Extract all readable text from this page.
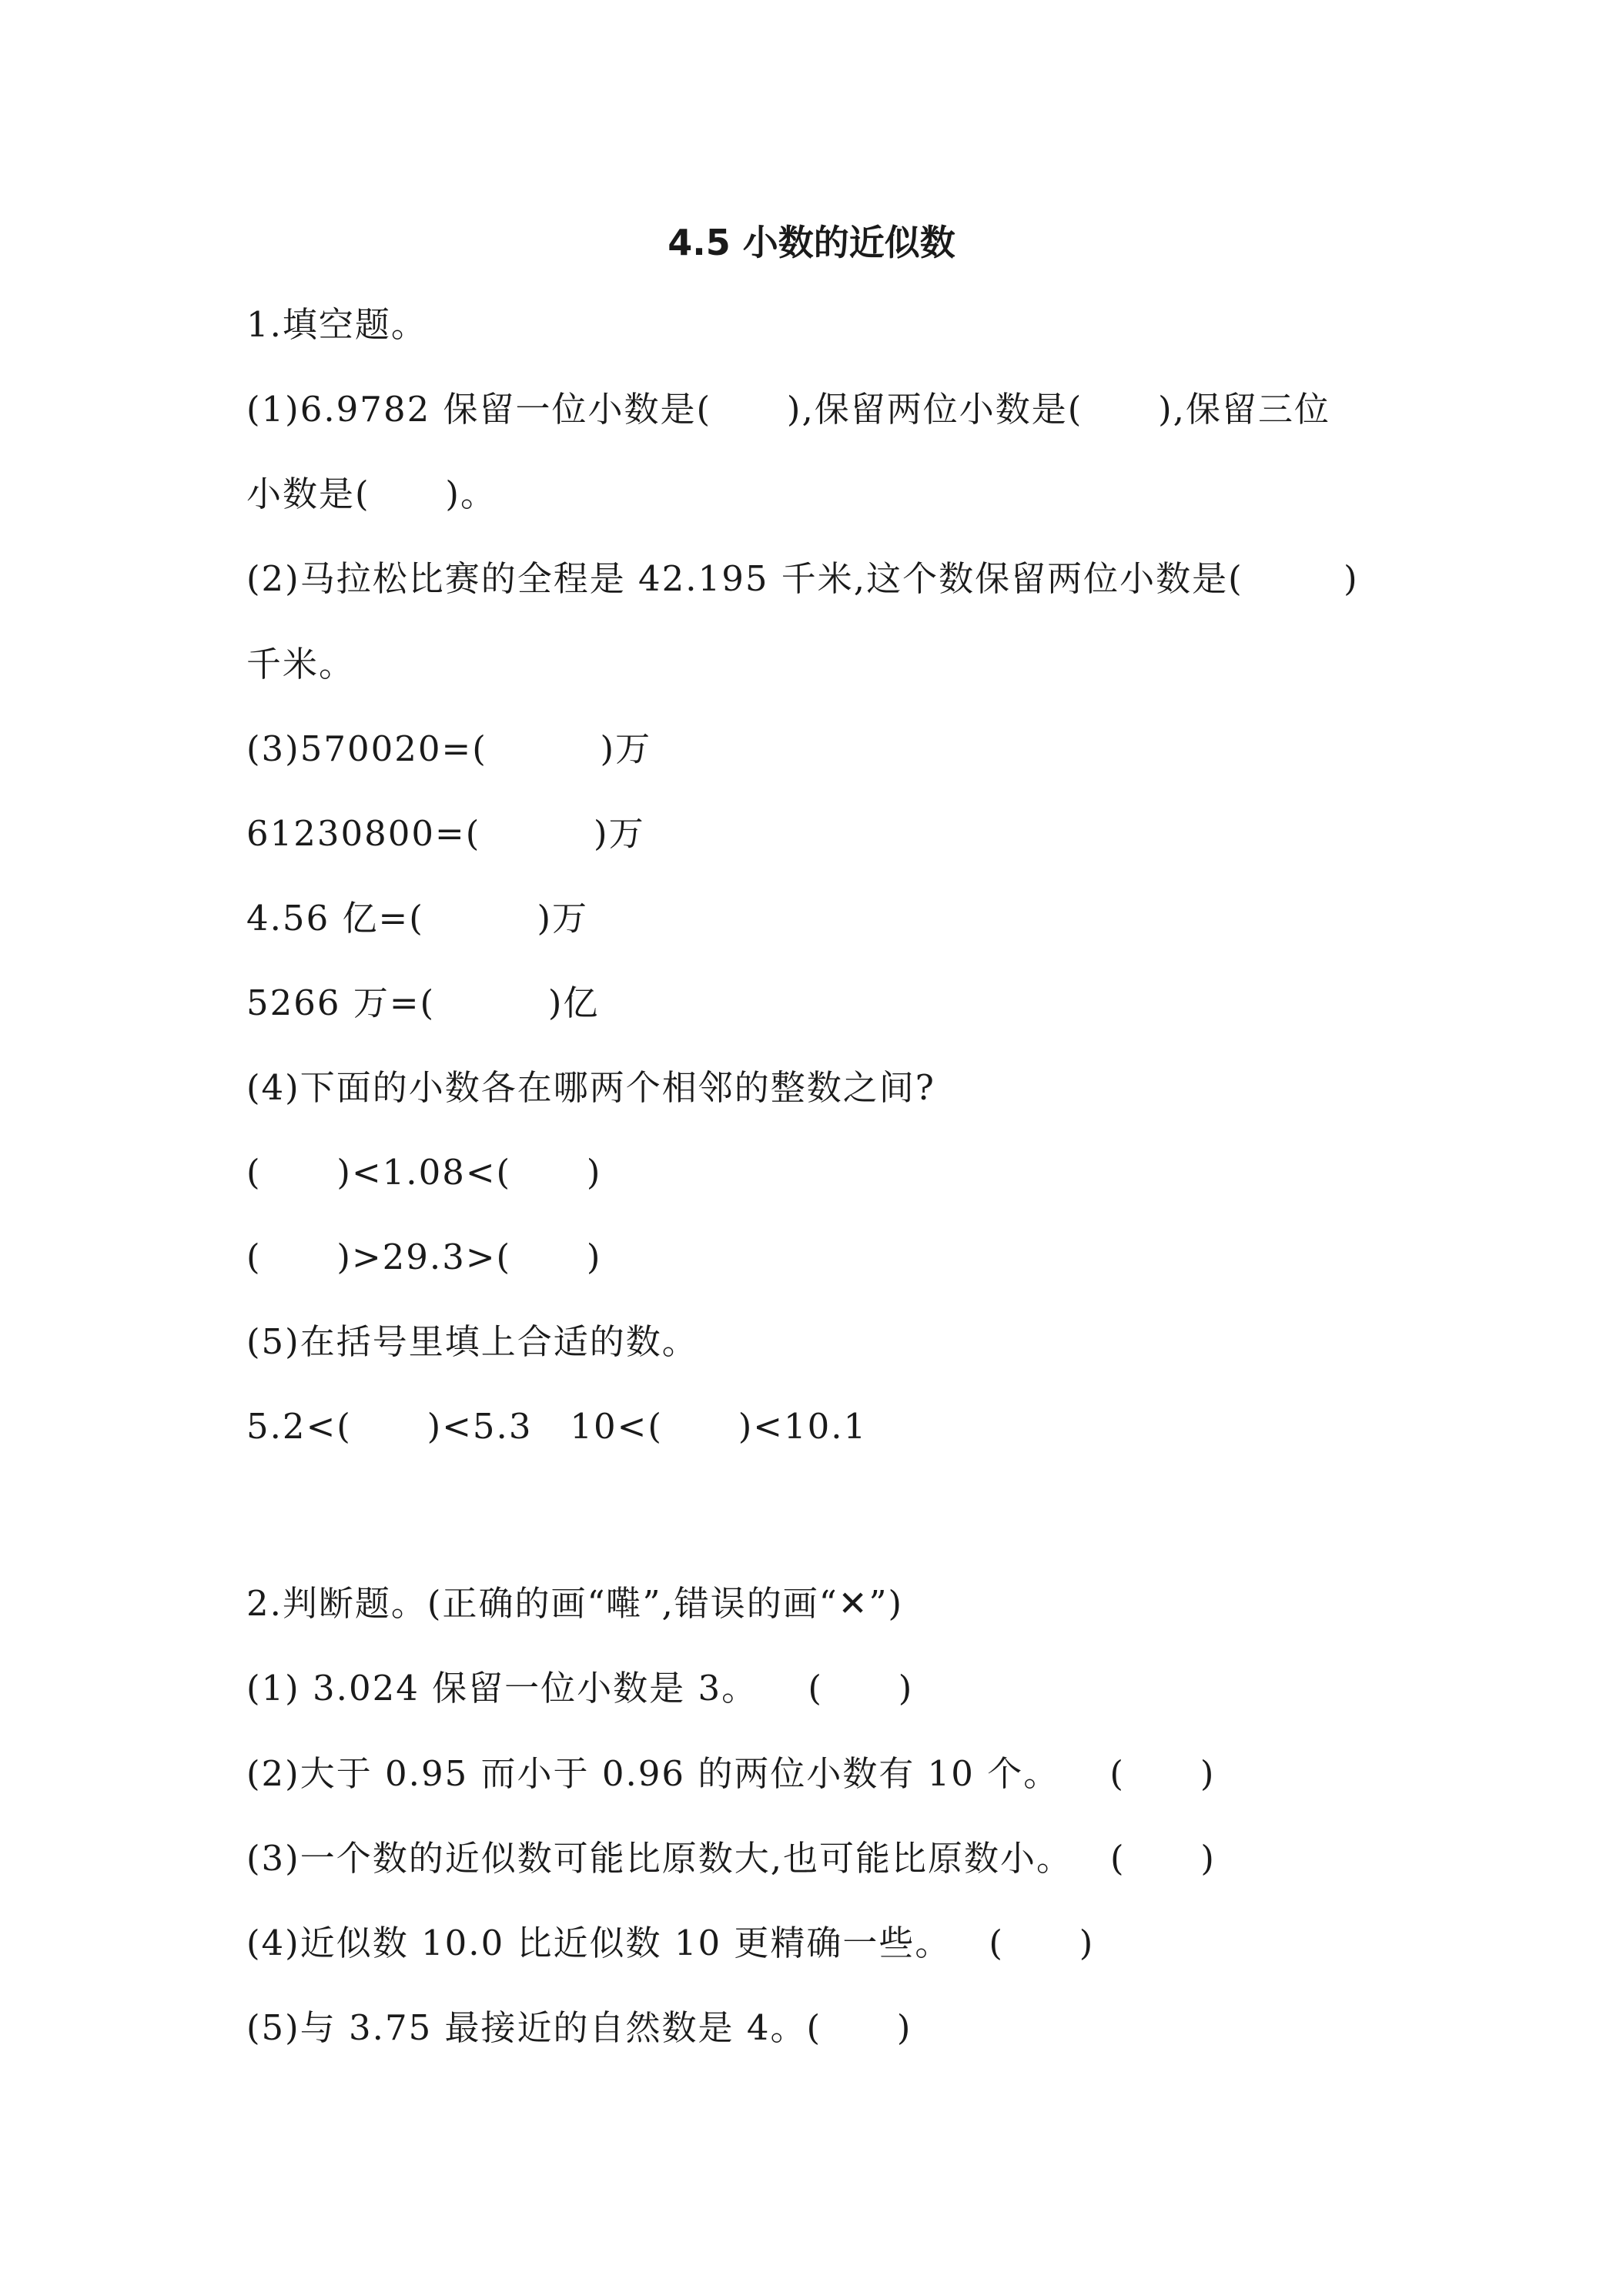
4.5 小数的近似数
1.填空题。
(1)6.9782 保留一位小数是(      ),保留两位小数是(      ),保留三位
小数是(      )。
(2)马拉松比赛的全程是 42.195 千米,这个数保留两位小数是(        )
千米。
(3)570020=(         )万
61230800=(         )万
4.56 亿=(         )万
5266 万=(         )亿
(4)下面的小数各在哪两个相邻的整数之间?
(      )<1.08<(      )
(      )>29.3>(      )
(5)在括号里填上合适的数。
5.2<(      )<5.3   10<(      )<10.1
2.判断题。(正确的画“嚡”,错误的画“✕”)
(1) 3.024 保留一位小数是 3。    (      )
(2)大于 0.95 而小于 0.96 的两位小数有 10 个。    (      )
(3)一个数的近似数可能比原数大,也可能比原数小。   (      )
(4)近似数 10.0 比近似数 10 更精确一些。   (      )
(5)与 3.75 最接近的自然数是 4。(      )
